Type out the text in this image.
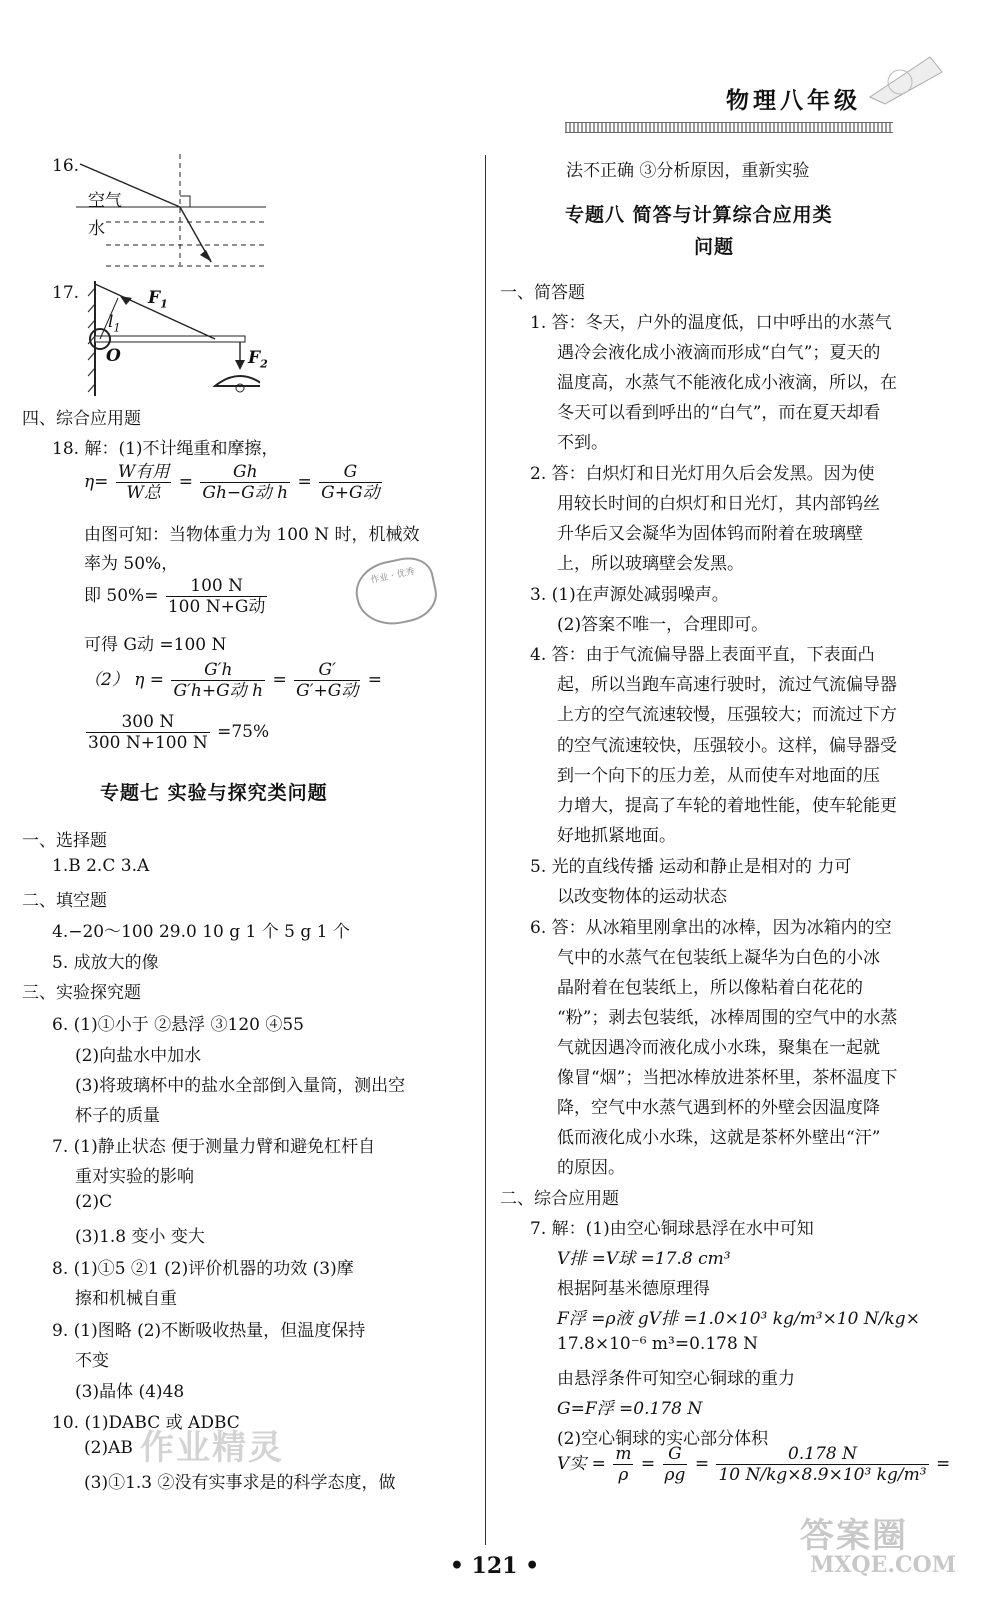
物理八年级
16.
空气
水
17.	$F_1$
$l_1$
O	$F_2$
四、综合应用题
18. 解：(1)不计绳重和摩擦，
$\eta= \frac{\text{W有用}}{\text{W总}} = \frac{Gh}{\text{Gh−G动 h}} = \frac{G}{\text{G+G动}}$
由图可知：当物体重力为 100 N 时，机械效
率为 50%，
即 $50\%= \frac{100 N}{\text{100 N+G动}}$	作业 · 优秀
可得 G动 =100 N
（2） $\eta = \frac{G'h}{\text{G′h+G动 h}} = \frac{G'}{\text{G′+G动}}$ =
$\frac{300 N}{300 N+100 N} =75\%$
专题七 实验与探究类问题
一、选择题
1.B 2.C 3.A
二、填空题
4.−20～100 29.0 10 g 1 个 5 g 1 个
5. 成放大的像
三、实验探究题
6. (1)①小于 ②悬浮 ③120 ④55
(2)向盐水中加水
(3)将玻璃杯中的盐水全部倒入量筒，测出空
杯子的质量
7. (1)静止状态 便于测量力臂和避免杠杆自
重对实验的影响
(2)C
(3)1.8 变小 变大
8. (1)①5 ②1 (2)评价机器的功效 (3)摩
擦和机械自重
9. (1)图略 (2)不断吸收热量，但温度保持
不变
(3)晶体 (4)48
10. (1)DABC 或 ADBC
作业精灵
(2)AB
(3)①1.3 ②没有实事求是的科学态度，做
法不正确 ③分析原因，重新实验
专题八 简答与计算综合应用类
问题
一、简答题
1. 答：冬天，户外的温度低，口中呼出的水蒸气
遇冷会液化成小液滴而形成“白气”；夏天的
温度高，水蒸气不能液化成小液滴，所以，在
冬天可以看到呼出的“白气”，而在夏天却看
不到。
2. 答：白炽灯和日光灯用久后会发黑。因为使
用较长时间的白炽灯和日光灯，其内部钨丝
升华后又会凝华为固体钨而附着在玻璃壁
上，所以玻璃壁会发黑。
3. (1)在声源处减弱噪声。
(2)答案不唯一，合理即可。
4. 答：由于气流偏导器上表面平直，下表面凸
起，所以当跑车高速行驶时，流过气流偏导器
上方的空气流速较慢，压强较大；而流过下方
的空气流速较快，压强较小。这样，偏导器受
到一个向下的压力差，从而使车对地面的压
力增大，提高了车轮的着地性能，使车轮能更
好地抓紧地面。
5. 光的直线传播 运动和静止是相对的 力可
以改变物体的运动状态
6. 答：从冰箱里刚拿出的冰棒，因为冰箱内的空
气中的水蒸气在包装纸上凝华为白色的小冰
晶附着在包装纸上，所以像粘着白花花的
“粉”；剥去包装纸，冰棒周围的空气中的水蒸
气就因遇冷而液化成小水珠，聚集在一起就
像冒“烟”；当把冰棒放进茶杯里，茶杯温度下
降，空气中水蒸气遇到杯的外壁会因温度降
低而液化成小水珠，这就是茶杯外壁出“汗”
的原因。
二、综合应用题
7. 解：(1)由空心铜球悬浮在水中可知
V排 =V球 =17.8 cm³
根据阿基米德原理得
F浮 =ρ液 gV排 =1.0×10³ kg/m³×10 N/kg×
17.8×10⁻⁶ m³=0.178 N
由悬浮条件可知空心铜球的重力
G=F浮 =0.178 N
(2)空心铜球的实心部分体积
V实 = $\frac{m}{\rho} = \frac{G}{\rho g} = \frac{0.178 N}{\text{10 N/kg×8.9×10³ kg/m³}}$ =
答案圈
MXQE.COM
• 121 •
